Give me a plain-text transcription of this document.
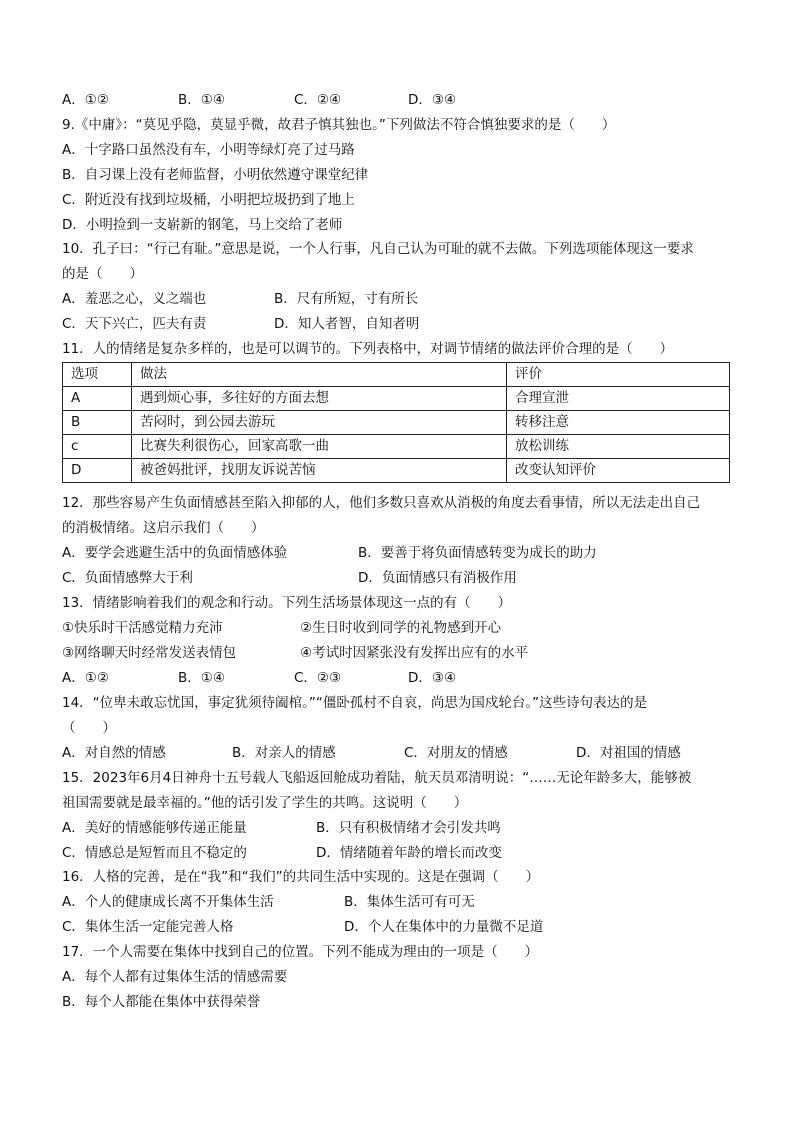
A．①②	B．①④	C．②④	D．③④
9.《中庸》：“莫见乎隐，莫显乎微，故君子慎其独也。”下列做法不符合慎独要求的是（　　）
A．十字路口虽然没有车，小明等绿灯亮了过马路
B．自习课上没有老师监督，小明依然遵守课堂纪律
C．附近没有找到垃圾桶，小明把垃圾扔到了地上
D．小明捡到一支崭新的钢笔，马上交给了老师
10．孔子曰：“行己有耻。”意思是说，一个人行事，凡自己认为可耻的就不去做。下列选项能体现这一要求
的是（　　）
A．羞恶之心，义之端也	B．尺有所短，寸有所长
C．天下兴亡，匹夫有责	D．知人者智，自知者明
11．人的情绪是复杂多样的，也是可以调节的。下列表格中，对调节情绪的做法评价合理的是（　　）
选项	做法	评价
A	遇到烦心事，多往好的方面去想	合理宣泄
B	苦闷时，到公园去游玩	转移注意
c	比赛失利很伤心，回家高歌一曲	放松训练
D	被爸妈批评，找朋友诉说苦恼	改变认知评价
12．那些容易产生负面情感甚至陷入抑郁的人，他们多数只喜欢从消极的角度去看事情，所以无法走出自己
的消极情绪。这启示我们（　　）
A．要学会逃避生活中的负面情感体验	B．要善于将负面情感转变为成长的助力
C．负面情感弊大于利	D．负面情感只有消极作用
13．情绪影响着我们的观念和行动。下列生活场景体现这一点的有（　　）
①快乐时干活感觉精力充沛	②生日时收到同学的礼物感到开心
③网络聊天时经常发送表情包	④考试时因紧张没有发挥出应有的水平
A．①②	B．①④	C．②③	D．③④
14．“位卑未敢忘忧国，事定犹须待阖棺。”“僵卧孤村不自哀，尚思为国戍轮台。”这些诗句表达的是
（　　）
A．对自然的情感	B．对亲人的情感	C．对朋友的情感	D．对祖国的情感
15．2023年6月4日神舟十五号载人飞船返回舱成功着陆，航天员邓清明说：“……无论年龄多大，能够被
祖国需要就是最幸福的。”他的话引发了学生的共鸣。这说明（　　）
A．美好的情感能够传递正能量	B．只有积极情绪才会引发共鸣
C．情感总是短暂而且不稳定的	D．情绪随着年龄的增长而改变
16．人格的完善，是在“我”和“我们”的共同生活中实现的。这是在强调（　　）
A．个人的健康成长离不开集体生活	B．集体生活可有可无
C．集体生活一定能完善人格	D．个人在集体中的力量微不足道
17．一个人需要在集体中找到自己的位置。下列不能成为理由的一项是（　　）
A．每个人都有过集体生活的情感需要
B．每个人都能在集体中获得荣誉
